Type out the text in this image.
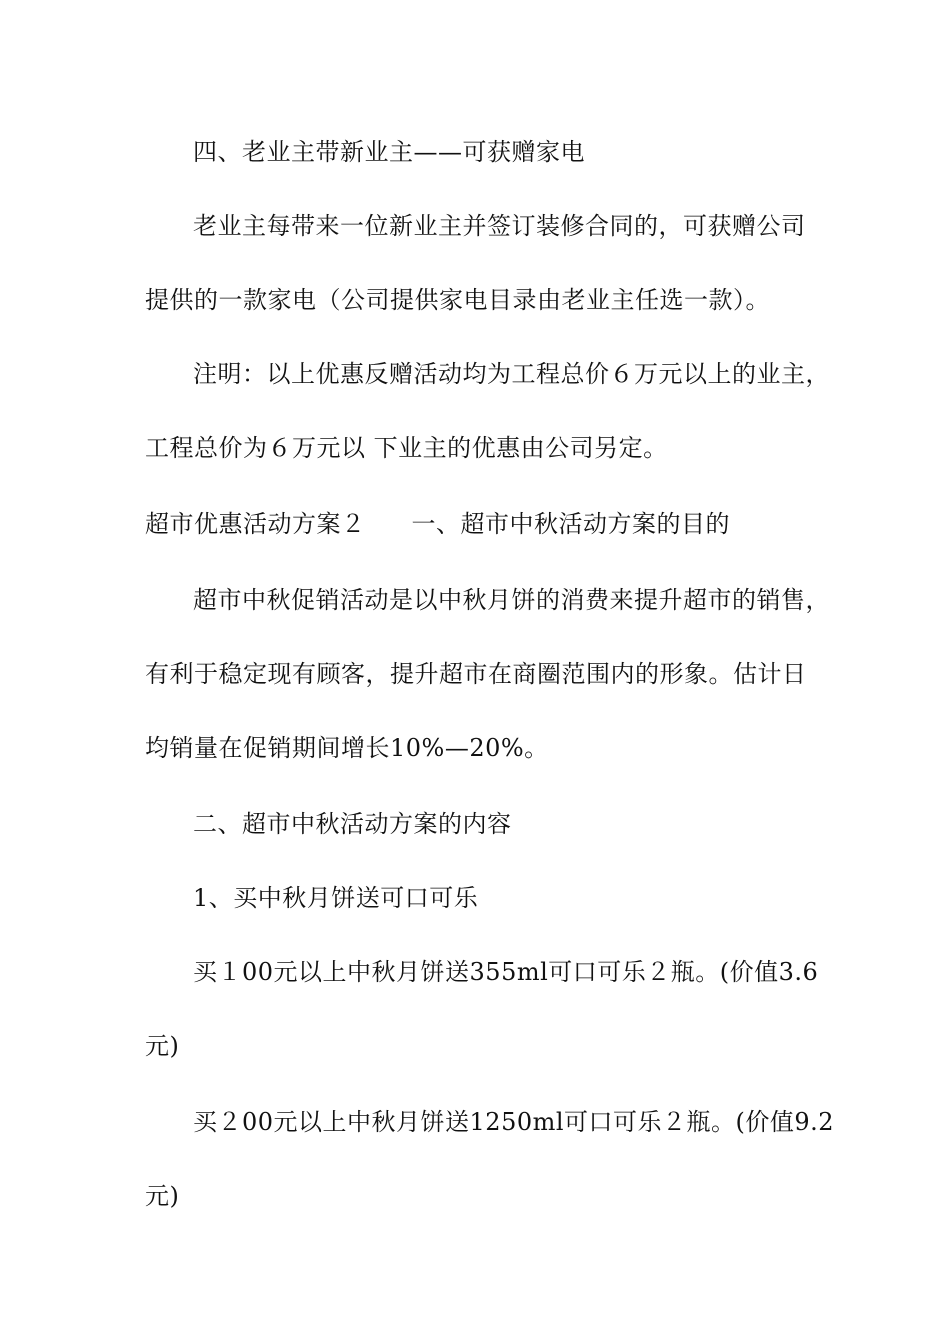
四、老业主带新业主——可获赠家电
老业主每带来一位新业主并签订装修合同的，可获赠公司
提供的一款家电（公司提供家电目录由老业主任选一款）。
注明：以上优惠反赠活动均为工程总价６万元以上的业主，
工程总价为６万元以 下业主的优惠由公司另定。
超市优惠活动方案２ 一、超市中秋活动方案的目的
超市中秋促销活动是以中秋月饼的消费来提升超市的销售，
有利于稳定现有顾客，提升超市在商圈范围内的形象。估计日
均销量在促销期间增长10%—20%。
二、超市中秋活动方案的内容
1、买中秋月饼送可口可乐
买１00元以上中秋月饼送355ml可口可乐２瓶。(价值3.6
元)
买２00元以上中秋月饼送1250ml可口可乐２瓶。(价值9.2
元)
